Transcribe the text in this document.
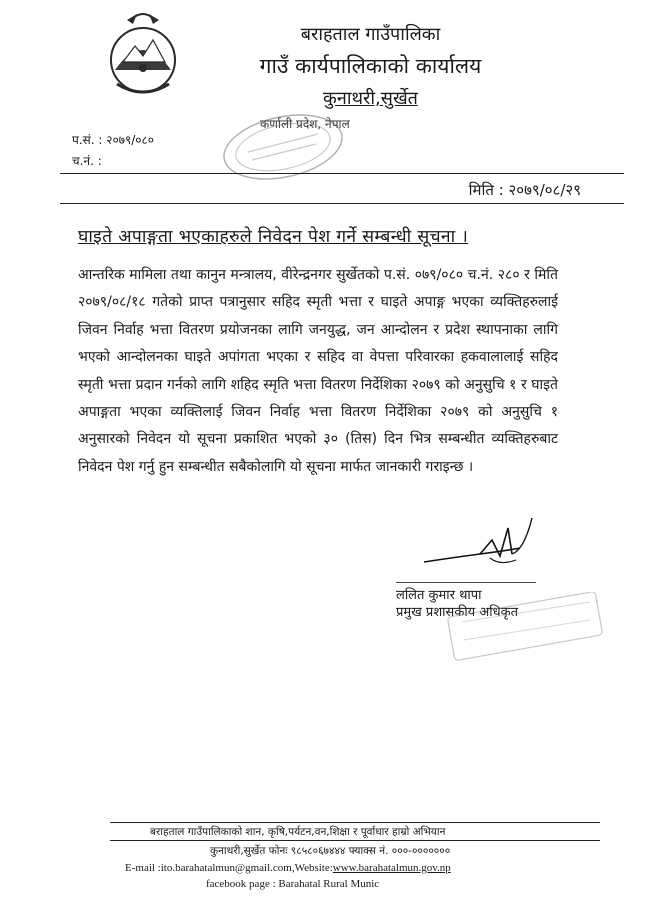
बराहताल गाउँपालिका
गाउँ कार्यपालिकाको कार्यालय
कुनाथरी,सुर्खेत
कर्णाली प्रदेश, नेपाल
प.सं. : २०७९/०८०
च.नं. :
मिति : २०७९/०८/२९
घाइते अपाङ्गता भएकाहरुले निवेदन पेश गर्ने सम्बन्धी सूचना ।
आन्तरिक मामिला तथा कानुन मन्त्रालय, वीरेन्द्रनगर सुर्खेतको प.सं. ०७९/०८० च.नं. २८० र मिति २०७९/०८/१८ गतेको प्राप्त पत्रानुसार सहिद स्मृती भत्ता र घाइते अपाङ्ग भएका व्यक्तिहरुलाई जिवन निर्वाह भत्ता वितरण प्रयोजनका लागि जनयुद्ध, जन आन्दोलन र प्रदेश स्थापनाका लागि भएको आन्दोलनका घाइते अपांगता भएका र सहिद वा वेपत्ता परिवारका हकवालालाई सहिद स्मृती भत्ता प्रदान गर्नको लागि शहिद स्मृति भत्ता वितरण निर्देशिका २०७९ को अनुसुचि १ र घाइते अपाङ्गता भएका व्यक्तिलाई जिवन निर्वाह भत्ता वितरण निर्देशिका २०७९ को अनुसुचि १ अनुसारको निवेदन यो सूचना प्रकाशित भएको ३० (तिस) दिन भित्र सम्बन्धीत व्यक्तिहरुबाट निवेदन पेश गर्नु हुन सम्बन्धीत सबैकोलागि यो सूचना मार्फत जानकारी गराइन्छ ।
ललित कुमार थापा
प्रमुख प्रशासकीय अधिकृत
बराहताल गाउँपालिकाको शान, कृषि,पर्यटन,वन,शिक्षा र पूर्वाधार हाम्रो अभियान
कुनाथरी,सुर्खेत फोनः ९८५८०६७४४४ फ्याक्स नं. ०००-०००००००
E-mail :ito.barahatalmun@gmail.com,Website:www.barahatalmun.gov.np
facebook page : Barahatal Rural Munic
